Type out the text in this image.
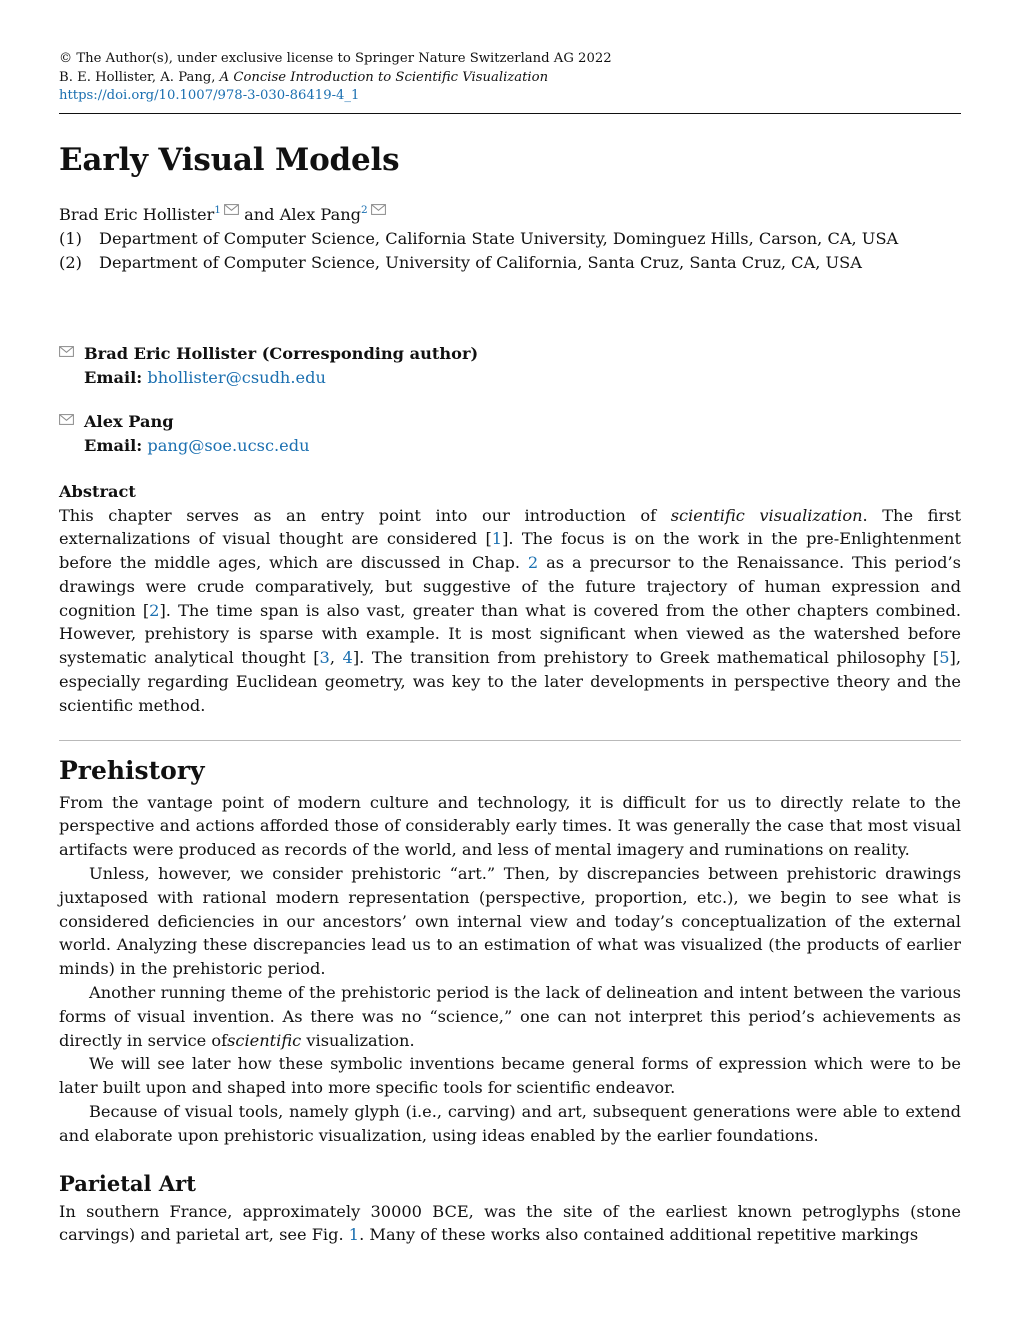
© The Author(s), under exclusive license to Springer Nature Switzerland AG 2022
B. E. Hollister, A. Pang, A Concise Introduction to Scientific Visualization
https://doi.org/10.1007/978-3-030-86419-4_1
Early Visual Models
Brad Eric Hollister$^1$ and Alex Pang$^2$
(1)	Department of Computer Science, California State University, Dominguez Hills, Carson, CA, USA
(2)	Department of Computer Science, University of California, Santa Cruz, Santa Cruz, CA, USA
Brad Eric Hollister (Corresponding author)
Email: bhollister@csudh.edu
Alex Pang
Email: pang@soe.ucsc.edu
Abstract

This chapter serves as an entry point into our introduction of scientific visualization. The first externalizations of visual thought are considered [1]. The focus is on the work in the pre-Enlightenment before the middle ages, which are discussed in Chap. 2 as a precursor to the Renaissance. This period’s drawings were crude comparatively, but suggestive of the future trajectory of human expression and cognition [2]. The time span is also vast, greater than what is covered from the other chapters combined. However, prehistory is sparse with example. It is most significant when viewed as the watershed before systematic analytical thought [3, 4]. The transition from prehistory to Greek mathematical philosophy [5], especially regarding Euclidean geometry, was key to the later developments in perspective theory and the scientific method.

Prehistory

From the vantage point of modern culture and technology, it is difficult for us to directly relate to the perspective and actions afforded those of considerably early times. It was generally the case that most visual artifacts were produced as records of the world, and less of mental imagery and ruminations on reality.

Unless, however, we consider prehistoric “art.” Then, by discrepancies between prehistoric drawings juxtaposed with rational modern representation (perspective, proportion, etc.), we begin to see what is considered deficiencies in our ancestors’ own internal view and today’s conceptualization of the external world. Analyzing these discrepancies lead us to an estimation of what was visualized (the products of earlier minds) in the prehistoric period.

Another running theme of the prehistoric period is the lack of delineation and intent between the various forms of visual invention. As there was no “science,” one can not interpret this period’s achievements as directly in service ofscientific visualization.

We will see later how these symbolic inventions became general forms of expression which were to be later built upon and shaped into more specific tools for scientific endeavor.

Because of visual tools, namely glyph (i.e., carving) and art, subsequent generations were able to extend and elaborate upon prehistoric visualization, using ideas enabled by the earlier foundations.

Parietal Art

In southern France, approximately 30000 BCE, was the site of the earliest known petroglyphs (stone carvings) and parietal art, see Fig. 1. Many of these works also contained additional repetitive markings
